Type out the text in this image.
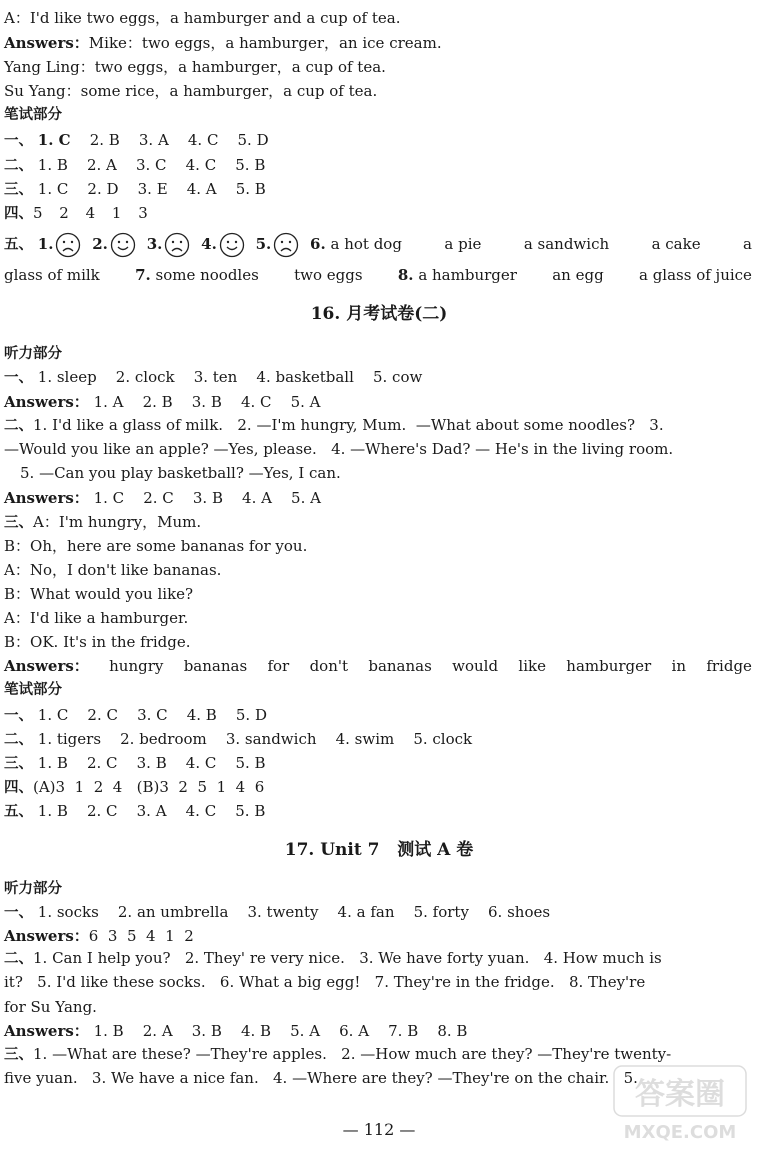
A：I'd like two eggs，a hamburger and a cup of tea.
Answers：Mike：two eggs，a hamburger，an ice cream.
Yang Ling：two eggs，a hamburger，a cup of tea.
Su Yang：some rice，a hamburger，a cup of tea.
笔试部分
一、 1. C 2. B 3. A 4. C 5. D
二、 1. B 2. A 3. C 4. C 5. B
三、 1. C 2. D 3. E 4. A 5. B
四、5 2 4 1 3
五、 1.	2.	3.	4.	5.	6. a hot dog	a pie	a sandwich	a cake	a
glass of milk 7. some noodles two eggs 8. a hamburger an egg a glass of juice
16. 月考试卷(二)
听力部分
一、 1. sleep 2. clock 3. ten 4. basketball 5. cow
Answers： 1. A 2. B 3. B 4. C 5. A
二、1. I'd like a glass of milk.   2. —I'm hungry, Mum.  —What about some noodles?   3.
—Would you like an apple? —Yes, please.   4. —Where's Dad? — He's in the living room.
5. —Can you play basketball? —Yes, I can.
Answers： 1. C 2. C 3. B 4. A 5. A
三、A：I'm hungry，Mum.
B：Oh，here are some bananas for you.
A：No，I don't like bananas.
B：What would you like?
A：I'd like a hamburger.
B：OK. It's in the fridge.
Answers： hungry bananas for don't bananas would like hamburger in fridge
笔试部分
一、 1. C 2. C 3. C 4. B 5. D
二、 1. tigers 2. bedroom 3. sandwich 4. swim 5. clock
三、 1. B 2. C 3. B 4. C 5. B
四、(A)3  1  2  4   (B)3  2  5  1  4  6
五、 1. B 2. C 3. A 4. C 5. B
17. Unit 7   测试 A 卷
听力部分
一、 1. socks 2. an umbrella 3. twenty 4. a fan 5. forty 6. shoes
Answers：6  3  5  4  1  2
二、1. Can I help you?   2. They' re very nice.   3. We have forty yuan.   4. How much is
it?   5. I'd like these socks.   6. What a big egg!   7. They're in the fridge.   8. They're
for Su Yang.
Answers： 1. B 2. A 3. B 4. B 5. A 6. A 7. B 8. B
三、1. —What are these? —They're apples.   2. —How much are they? —They're twenty-
five yuan.   3. We have a nice fan.   4. —Where are they? —They're on the chair.   5.
— 112 —
答案圈
MXQE.COM
